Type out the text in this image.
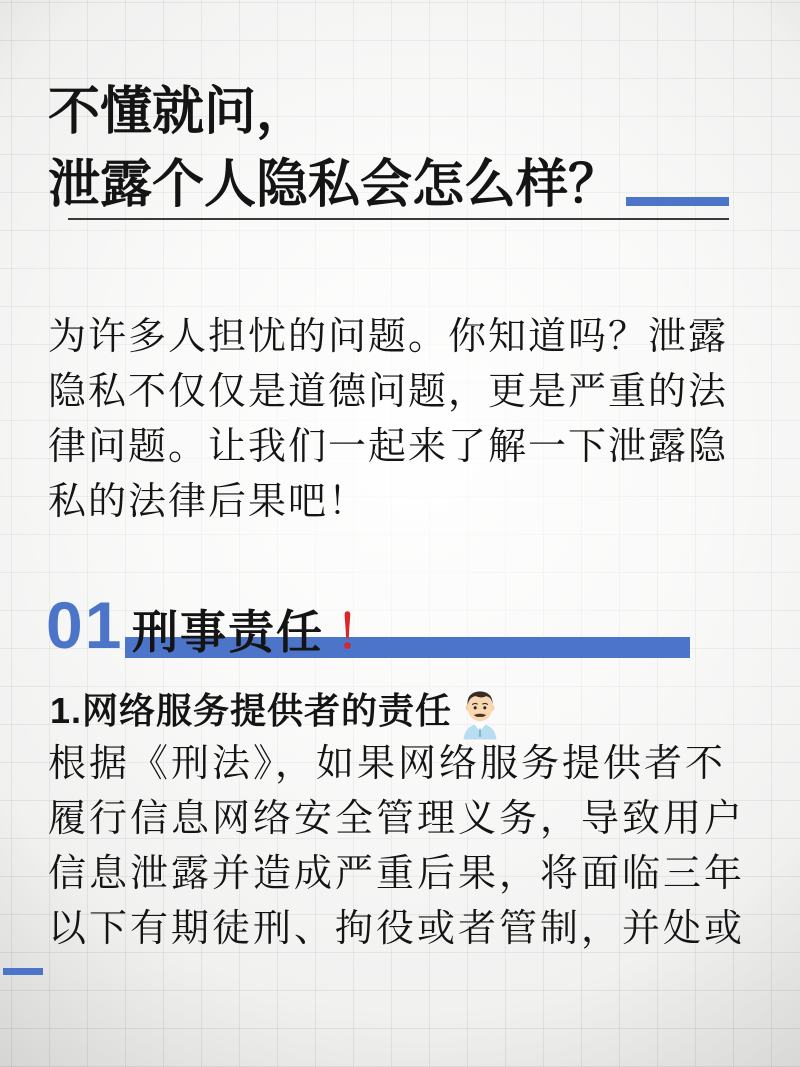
不懂就问，
泄露个人隐私会怎么样？
为许多人担忧的问题。你知道吗？泄露
隐私不仅仅是道德问题，更是严重的法
律问题。让我们一起来了解一下泄露隐
私的法律后果吧！
01 刑事责任 ！
1.网络服务提供者的责任
根据《刑法》，如果网络服务提供者不
履行信息网络安全管理义务，导致用户
信息泄露并造成严重后果，将面临三年
以下有期徒刑、拘役或者管制，并处或
